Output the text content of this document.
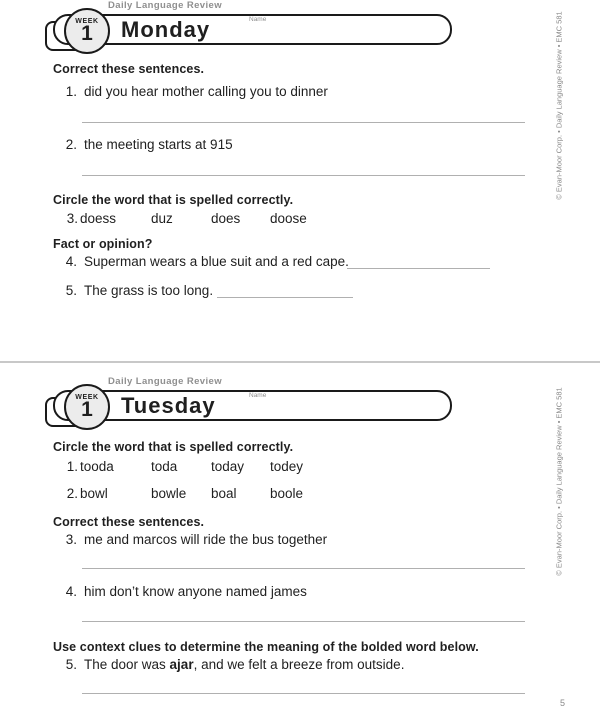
Daily Language Review
WEEK
1	Monday	Name
Correct these sentences.
1. did you hear mother calling you to dinner
2. the meeting starts at 915
Circle the word that is spelled correctly.
3. doess	duz	does doose
Fact or opinion?
4. Superman wears a blue suit and a red cape.
5. The grass is too long.
Daily Language Review
WEEK
1	Tuesday	Name
Circle the word that is spelled correctly.
1. tooda	toda today todey
2. bowl	bowle boal boole
Correct these sentences.
3. me and marcos will ride the bus together
4. him don’t know anyone named james
Use context clues to determine the meaning of the bolded word below.
5. The door was ajar, and we felt a breeze from outside.
© Evan-Moor Corp. • Daily Language Review • EMC 581
© Evan-Moor Corp. • Daily Language Review • EMC 581
5
